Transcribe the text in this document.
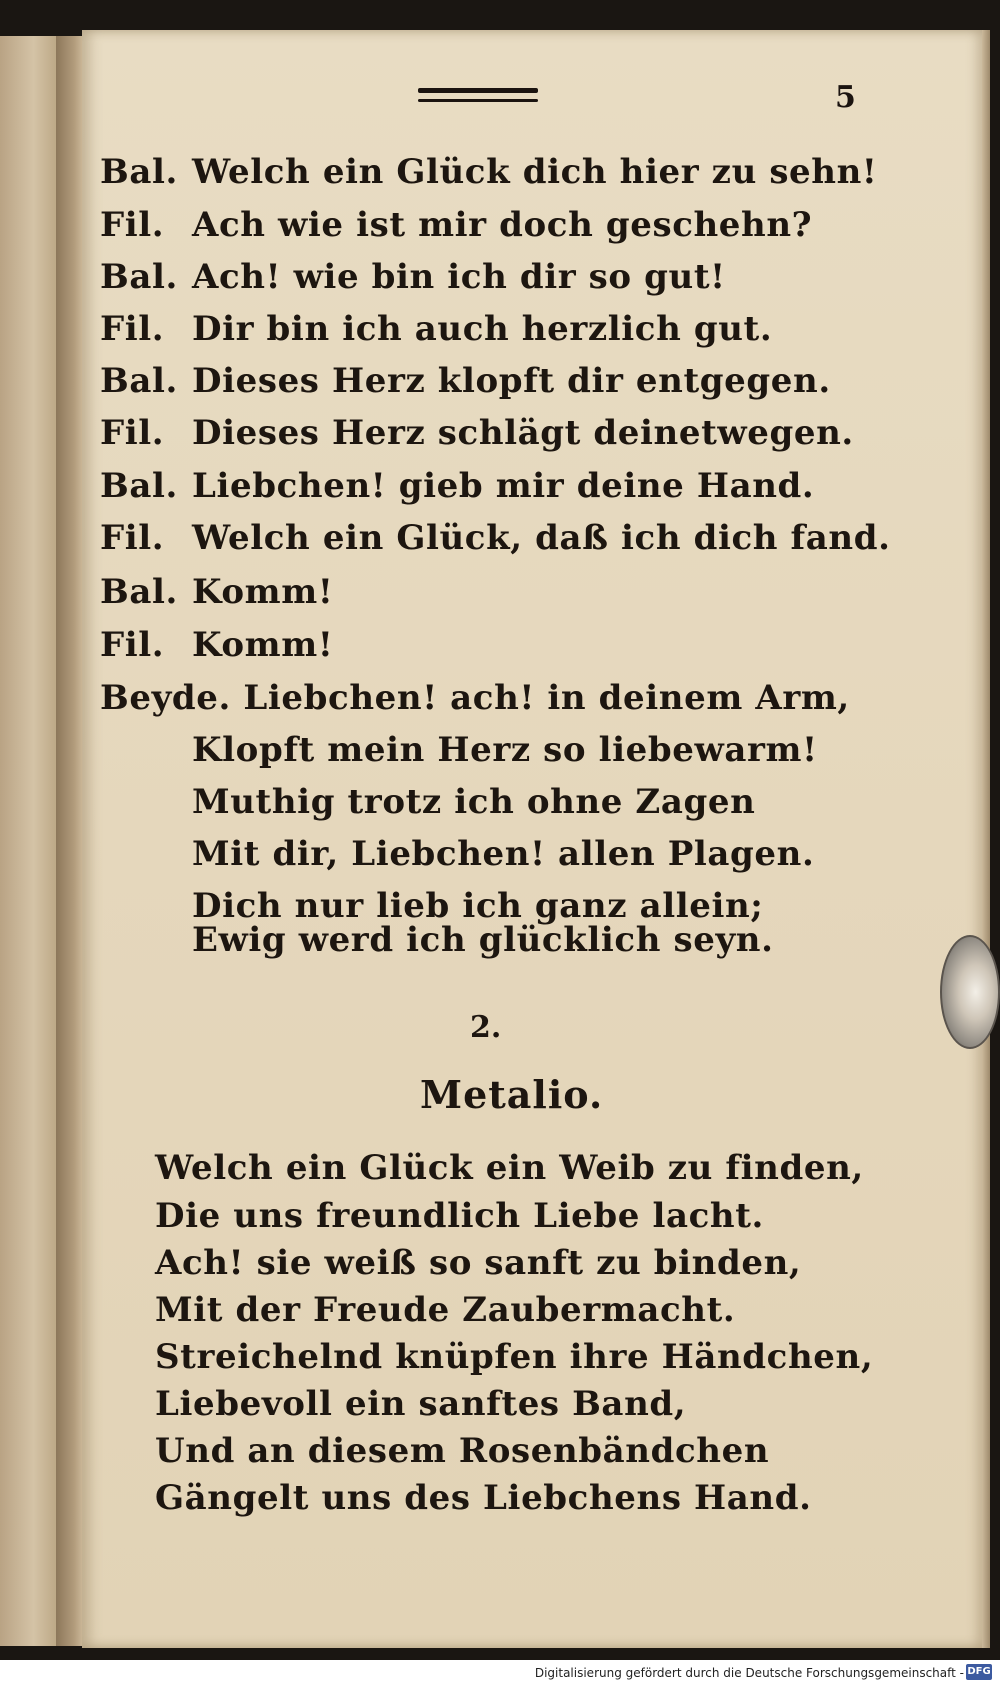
5
Bal. Welch ein Glück dich hier zu sehn!
Fil. Ach wie ist mir doch geschehn?
Bal. Ach! wie bin ich dir so gut!
Fil. Dir bin ich auch herzlich gut.
Bal. Dieses Herz klopft dir entgegen.
Fil. Dieses Herz schlägt deinetwegen.
Bal. Liebchen! gieb mir deine Hand.
Fil. Welch ein Glück, daß ich dich fand.
Bal. Komm!
Fil. Komm!
Beyde. Liebchen! ach! in deinem Arm,
Klopft mein Herz so liebewarm!
Muthig trotz ich ohne Zagen
Mit dir, Liebchen! allen Plagen.
Dich nur lieb ich ganz allein;
Ewig werd ich glücklich seyn.
2.
Metalio.
Welch ein Glück ein Weib zu finden,
Die uns freundlich Liebe lacht.
Ach! sie weiß so sanft zu binden,
Mit der Freude Zaubermacht.
Streichelnd knüpfen ihre Händchen,
Liebevoll ein sanftes Band,
Und an diesem Rosenbändchen
Gängelt uns des Liebchens Hand.
Digitalisierung gefördert durch die Deutsche Forschungsgemeinschaft - DFG
